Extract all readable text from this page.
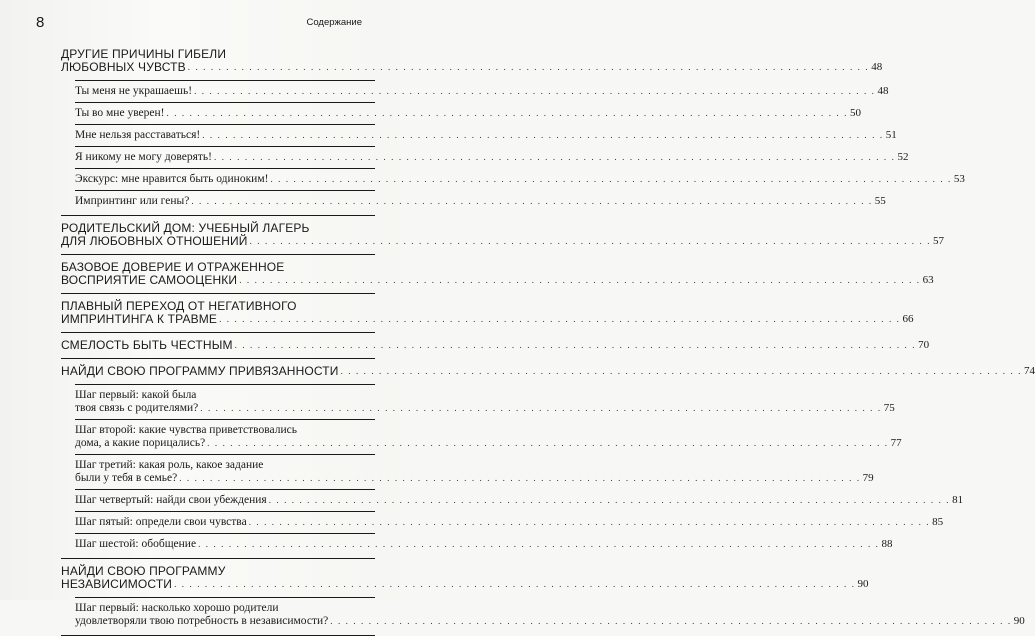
8	Содержание
ДРУГИЕ ПРИЧИНЫ ГИБЕЛИ
ЛЮБОВНЫХ ЧУВСТВ . . .	48
Ты меня не украшаешь! . . .	48
Ты во мне уверен! . . .	50
Мне нельзя расставаться! . . .	51
Я никому не могу доверять! . . .	52
Экскурс: мне нравится быть одиноким! . . .	53
Импринтинг или гены? . . .	55
РОДИТЕЛЬСКИЙ ДОМ: УЧЕБНЫЙ ЛАГЕРЬ
ДЛЯ ЛЮБОВНЫХ ОТНОШЕНИЙ . . .	57
БАЗОВОЕ ДОВЕРИЕ И ОТРАЖЕННОЕ
ВОСПРИЯТИЕ САМООЦЕНКИ . . .	63
ПЛАВНЫЙ ПЕРЕХОД ОТ НЕГАТИВНОГО
ИМПРИНТИНГА К ТРАВМЕ . . .	66
СМЕЛОСТЬ БЫТЬ ЧЕСТНЫМ . . .	70
НАЙДИ СВОЮ ПРОГРАММУ ПРИВЯЗАННОСТИ . . .	74
Шаг первый: какой была
твоя связь с родителями? . . .	75
Шаг второй: какие чувства приветствовались
дома, а какие порицались? . . .	77
Шаг третий: какая роль, какое задание
были у тебя в семье? . . .	79
Шаг четвертый: найди свои убеждения . . .	81
Шаг пятый: определи свои чувства . . .	85
Шаг шестой: обобщение . . .	88
НАЙДИ СВОЮ ПРОГРАММУ
НЕЗАВИСИМОСТИ . . .	90
Шаг первый: насколько хорошо родители
удовлетворяли твою потребность в независимости? . . .	90
